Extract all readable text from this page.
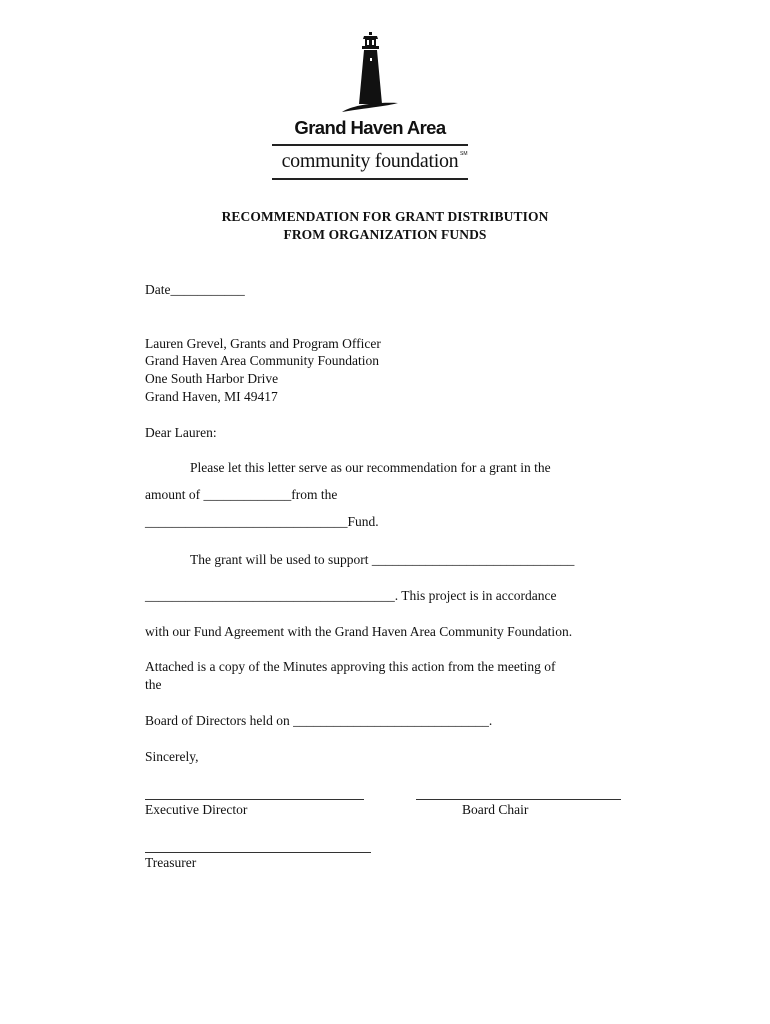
Grand Haven Area
community foundation SM
RECOMMENDATION FOR GRANT DISTRIBUTION
FROM ORGANIZATION FUNDS
Date___________
Lauren Grevel, Grants and Program Officer
Grand Haven Area Community Foundation
One South Harbor Drive
Grand Haven, MI 49417
Dear Lauren:
Please let this letter serve as our recommendation for a grant in the
amount of _____________from the
______________________________Fund.
The grant will be used to support ______________________________
_____________________________________. This project is in accordance
with our Fund Agreement with the Grand Haven Area Community Foundation.
Attached is a copy of the Minutes approving this action from the meeting of
the
Board of Directors held on _____________________________.
Sincerely,
Executive Director	Board Chair
Treasurer
